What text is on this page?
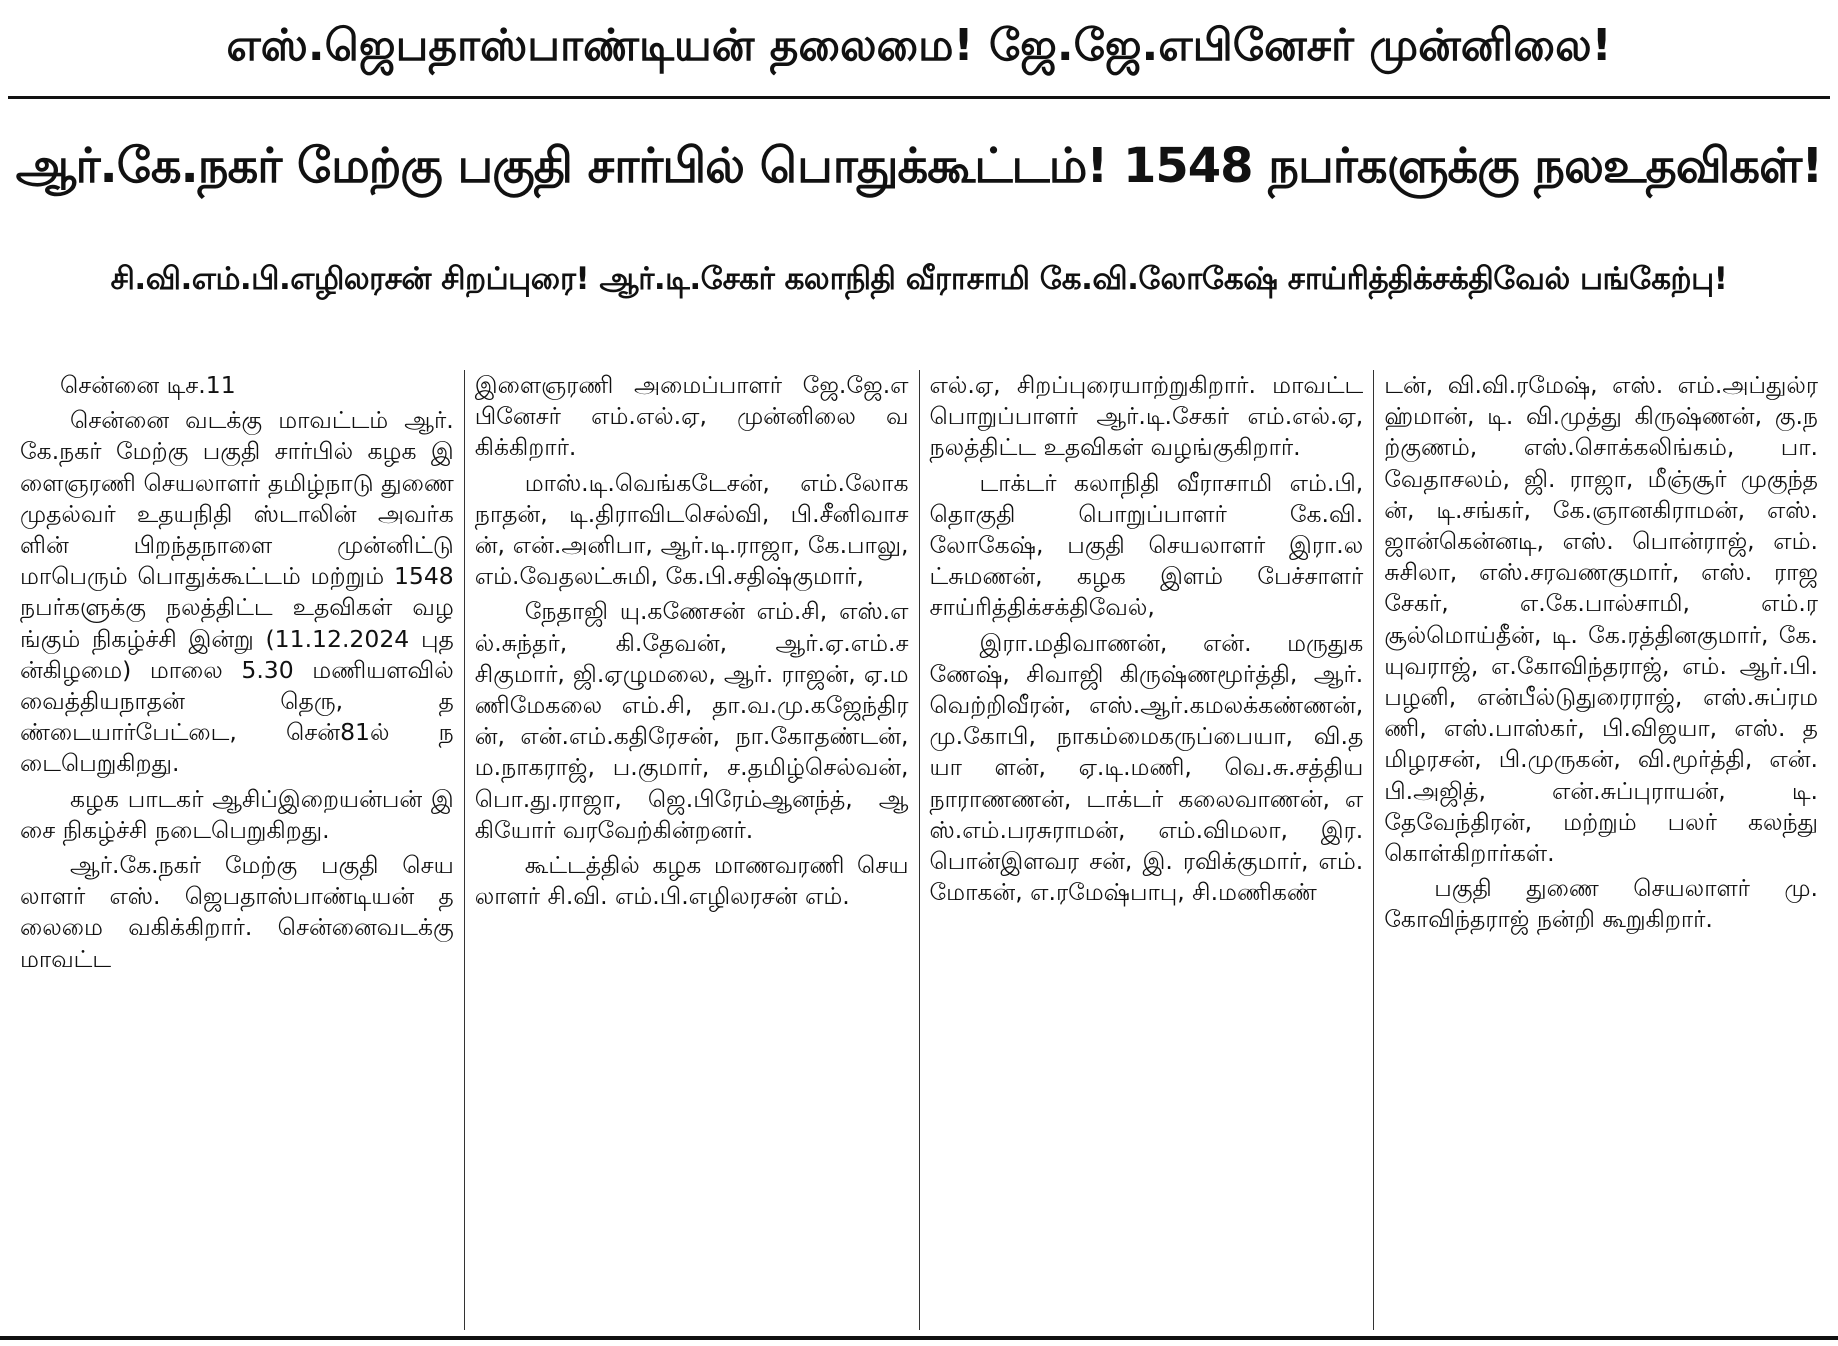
எஸ்.ஜெபதாஸ்பாண்டியன் தலைமை! ஜே.ஜே.எபினேசர் முன்னிலை!
ஆர்.கே.நகர் மேற்கு பகுதி சார்பில் பொதுக்கூட்டம்! 1548 நபர்களுக்கு நலஉதவிகள்!
சி.வி.எம்.பி.எழிலரசன் சிறப்புரை! ஆர்.டி.சேகர் கலாநிதி வீராசாமி கே.வி.லோகேஷ் சாய்ரித்திக்சக்திவேல் பங்கேற்பு!

சென்னை டிச.11

சென்னை வடக்கு மாவட்டம் ஆர்.கே.நகர் மேற்கு பகுதி சார்பில் கழக இளைஞரணி செயலாளர் தமிழ்நாடு துணை முதல்வர் உதயநிதி ஸ்டாலின் அவர்களின் பிறந்தநாளை முன்னிட்டு மாபெரும் பொதுக்கூட்டம் மற்றும் 1548 நபர்களுக்கு நலத்திட்ட உதவிகள் வழங்கும் நிகழ்ச்சி இன்று (11.12.2024 புதன்கிழமை) மாலை 5.30 மணியளவில் வைத்தியநாதன் தெரு, தண்டையார்பேட்டை, சென்81ல் நடைபெறுகிறது.

கழக பாடகர் ஆசிப்இறையன்பன் இசை நிகழ்ச்சி நடைபெறுகிறது.

ஆர்.கே.நகர் மேற்கு பகுதி செயலாளர் எஸ். ஜெபதாஸ்பாண்டியன் தலைமை வகிக்கிறார். சென்னைவடக்கு மாவட்ட

இளைஞரணி அமைப்பாளர் ஜே.ஜே.எபினேசர் எம்.எல்.ஏ, முன்னிலை வகிக்கிறார்.

மாஸ்.டி.வெங்கடேசன், எம்.லோகநாதன், டி.திராவிடசெல்வி, பி.சீனிவாசன், என்.அனிபா, ஆர்.டி.ராஜா, கே.பாலு, எம்.வேதலட்சுமி, கே.பி.சதிஷ்குமார்,

நேதாஜி யு.கணேசன் எம்.சி, எஸ்.எல்.சுந்தர், கி.தேவன், ஆர்.ஏ.எம்.சசிகுமார், ஜி.ஏழுமலை, ஆர். ராஜன், ஏ.மணிமேகலை எம்.சி, தா.வ.மு.கஜேந்திரன், என்.எம்.கதிரேசன், நா.கோதண்டன், ம.நாகராஜ், ப.குமார், ச.தமிழ்செல்வன், பொ.து.ராஜா, ஜெ.பிரேம்ஆனந்த், ஆகியோர் வரவேற்கின்றனர்.

கூட்டத்தில் கழக மாணவரணி செயலாளர் சி.வி. எம்.பி.எழிலரசன் எம்.

எல்.ஏ, சிறப்புரையாற்றுகிறார். மாவட்ட பொறுப்பாளர் ஆர்.டி.சேகர் எம்.எல்.ஏ, நலத்திட்ட உதவிகள் வழங்குகிறார்.

டாக்டர் கலாநிதி வீராசாமி எம்.பி, தொகுதி பொறுப்பாளர் கே.வி. லோகேஷ், பகுதி செயலாளர் இரா.லட்சுமணன், கழக இளம் பேச்சாளர் சாய்ரித்திக்சக்திவேல்,

இரா.மதிவாணன், என். மருதுகணேஷ், சிவாஜி கிருஷ்ணமூர்த்தி, ஆர்.வெற்றிவீரன், எஸ்.ஆர்.கமலக்கண்ணன், மு.கோபி, நாகம்மைகருப்பையா, வி.தயா ளன், ஏ.டி.மணி, வெ.சு.சத்தியநாராணணன், டாக்டர் கலைவாணன், எஸ்.எம்.பரசுராமன், எம்.விமலா, இர. பொன்இளவர சன், இ. ரவிக்குமார், எம்.மோகன், எ.ரமேஷ்பாபு, சி.மணிகண்

டன், வி.வி.ரமேஷ், எஸ். எம்.அப்துல்ரஹ்மான், டி. வி.முத்து கிருஷ்ணன், கு.நற்குணம், எஸ்.சொக்கலிங்கம், பா.வேதாசலம், ஜி. ராஜா, மீஞ்சூர் முகுந்தன், டி.சங்கர், கே.ஞானகிராமன், எஸ்.ஜான்கென்னடி, எஸ். பொன்ராஜ், எம்.சுசிலா, எஸ்.சரவணகுமார், எஸ். ராஜசேகர், எ.கே.பால்சாமி, எம்.ரசூல்மொய்தீன், டி. கே.ரத்தினகுமார், கே. யுவராஜ், எ.கோவிந்தராஜ், எம். ஆர்.பி.பழனி, என்பீல்டுதுரைராஜ், எஸ்.சுப்ரமணி, எஸ்.பாஸ்கர், பி.விஜயா, எஸ். தமிழரசன், பி.முருகன், வி.மூர்த்தி, என்.பி.அஜித், என்.சுப்புராயன், டி. தேவேந்திரன், மற்றும் பலர் கலந்து கொள்கிறார்கள்.

பகுதி துணை செயலாளர் மு.கோவிந்தராஜ் நன்றி கூறுகிறார்.
